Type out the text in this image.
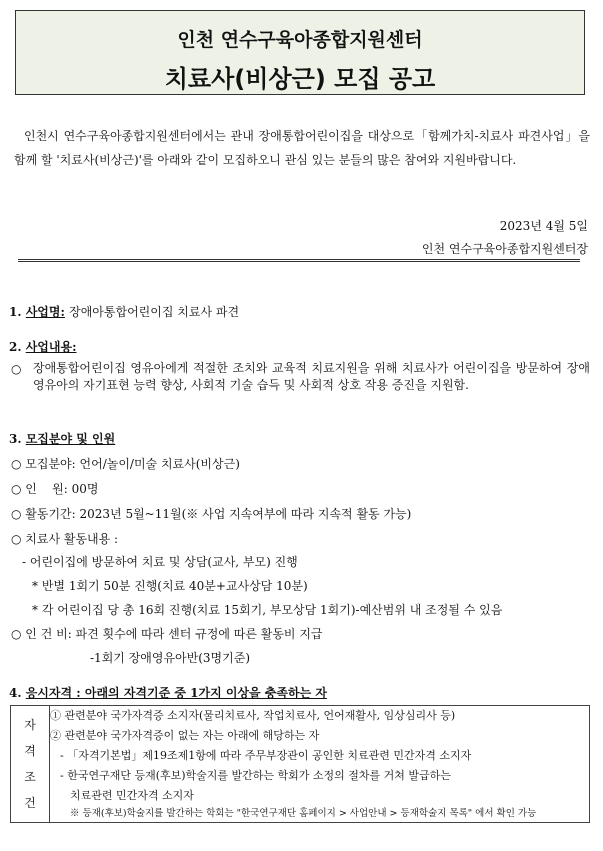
인천 연수구육아종합지원센터
치료사(비상근) 모집 공고
인천시 연수구육아종합지원센터에서는 관내 장애통합어린이집을 대상으로「함께가치-치료사 파견사업」을 함께 할 '치료사(비상근)'를 아래와 같이 모집하오니 관심 있는 분들의 많은 참여와 지원바랍니다.
2023년 4월 5일
인천 연수구육아종합지원센터장
1. 사업명: 장애아통합어린이집 치료사 파견
2. 사업내용:
○ 장애통합어린이집 영유아에게 적절한 조치와 교육적 치료지원을 위해 치료사가 어린이집을 방문하여 장애 영유아의 자기표현 능력 향상, 사회적 기술 습득 및 사회적 상호 작용 증진을 지원함.
3. 모집분야 및 인원
○ 모집분야: 언어/놀이/미술 치료사(비상근)
○ 인    원: 00명
○ 활동기간: 2023년 5월~11월(※ 사업 지속여부에 따라 지속적 활동 가능)
○ 치료사 활동내용 :
- 어린이집에 방문하여 치료 및 상담(교사, 부모) 진행
* 반별 1회기 50분 진행(치료 40분+교사상담 10분)
* 각 어린이집 당 총 16회 진행(치료 15회기, 부모상담 1회기)-예산범위 내 조정될 수 있음
○ 인 건 비: 파견 횟수에 따라 센터 규정에 따른 활동비 지급
-1회기 장애영유아반(3명기준)
4. 응시자격 : 아래의 자격기준 중 1가지 이상을 충족하는 자
자
격
조
건

① 관련분야 국가자격증 소지자(물리치료사, 작업치료사, 언어재활사, 임상심리사 등)
② 관련분야 국가자격증이 없는 자는 아래에 해당하는 자
- 「자격기본법」제19조제1항에 따라 주무부장관이 공인한 치료관련 민간자격 소지자
- 한국연구재단 등재(후보)학술지를 발간하는 학회가 소정의 절차를 거쳐 발급하는
치료관련 민간자격 소지자
※ 등재(후보)학술지를 발간하는 학회는 "한국연구재단 홈페이지 > 사업안내 > 등재학술지 목록" 에서 확인 가능
